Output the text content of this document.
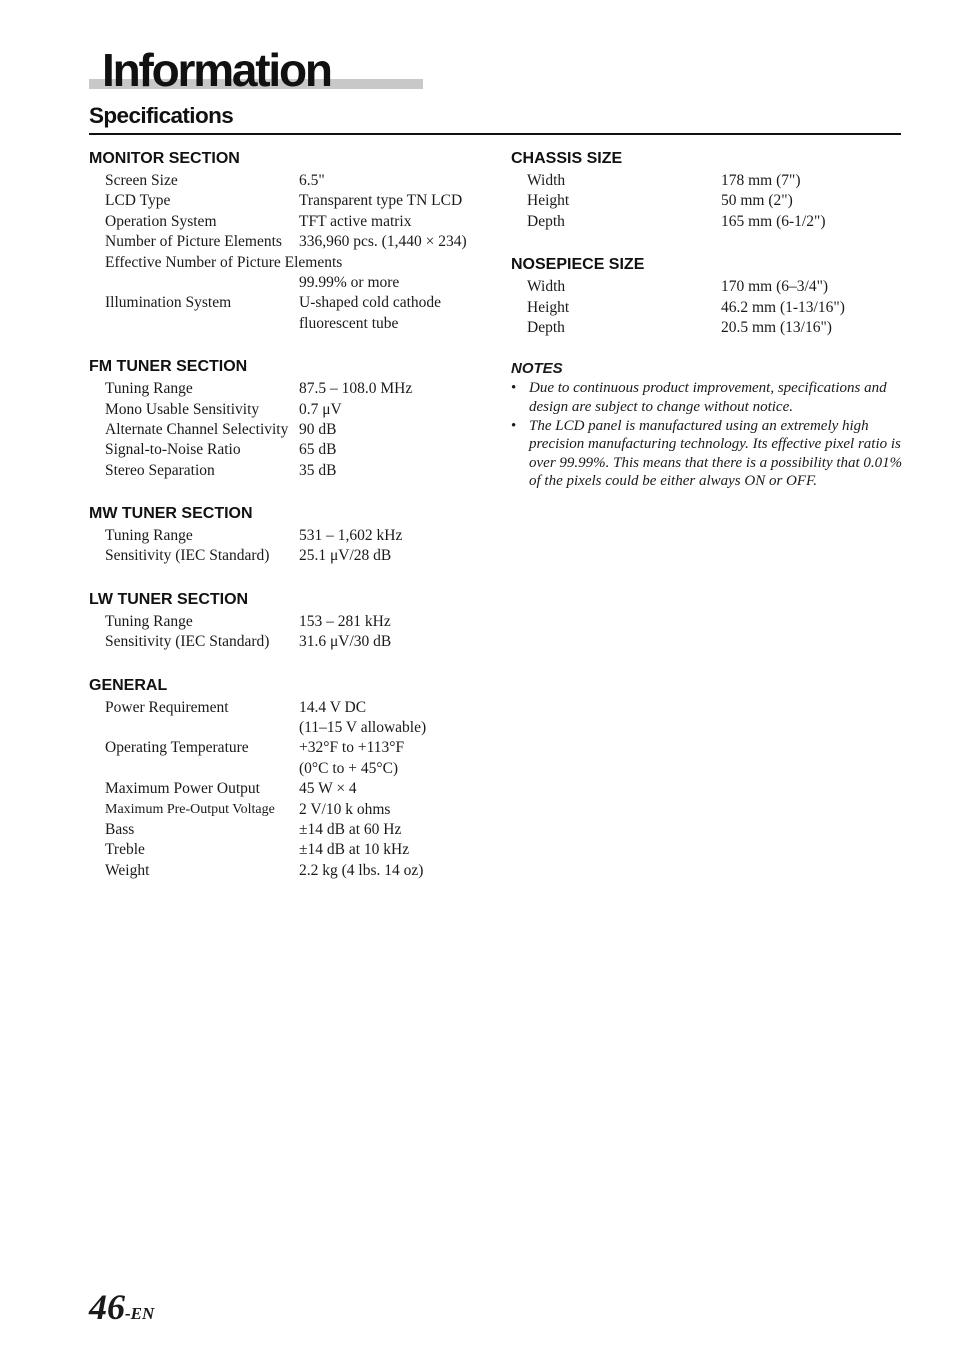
Information
Specifications
MONITOR SECTION
Screen Size	6.5"
LCD Type	Transparent type TN LCD
Operation System	TFT active matrix
Number of Picture Elements 336,960 pcs. (1,440 × 234)
Effective Number of Picture Elements
99.99% or more
Illumination System	U-shaped cold cathode
fluorescent tube
FM TUNER SECTION
Tuning Range	87.5 – 108.0 MHz
Mono Usable Sensitivity	0.7 μV
Alternate Channel Selectivity 90 dB
Signal-to-Noise Ratio	65 dB
Stereo Separation	35 dB
MW TUNER SECTION
Tuning Range	531 – 1,602 kHz
Sensitivity (IEC Standard) 25.1 μV/28 dB
LW TUNER SECTION
Tuning Range	153 – 281 kHz
Sensitivity (IEC Standard) 31.6 μV/30 dB
GENERAL
Power Requirement	14.4 V DC
(11–15 V allowable)
Operating Temperature	+32°F to +113°F
(0°C to + 45°C)
Maximum Power Output	45 W × 4
Maximum Pre-Output Voltage 2 V/10 k ohms
Bass	±14 dB at 60 Hz
Treble	±14 dB at 10 kHz
Weight	2.2 kg (4 lbs. 14 oz)
CHASSIS SIZE
Width	178 mm (7")
Height	50 mm (2")
Depth	165 mm (6-1/2")
NOSEPIECE SIZE
Width	170 mm (6–3/4")
Height	46.2 mm (1-13/16")
Depth	20.5 mm (13/16")
NOTES

• Due to continuous product improvement, specifications and design are subject to change without notice.

• The LCD panel is manufactured using an extremely high precision manufacturing technology. Its effective pixel ratio is over 99.99%. This means that there is a possibility that 0.01% of the pixels could be either always ON or OFF.

46-EN
